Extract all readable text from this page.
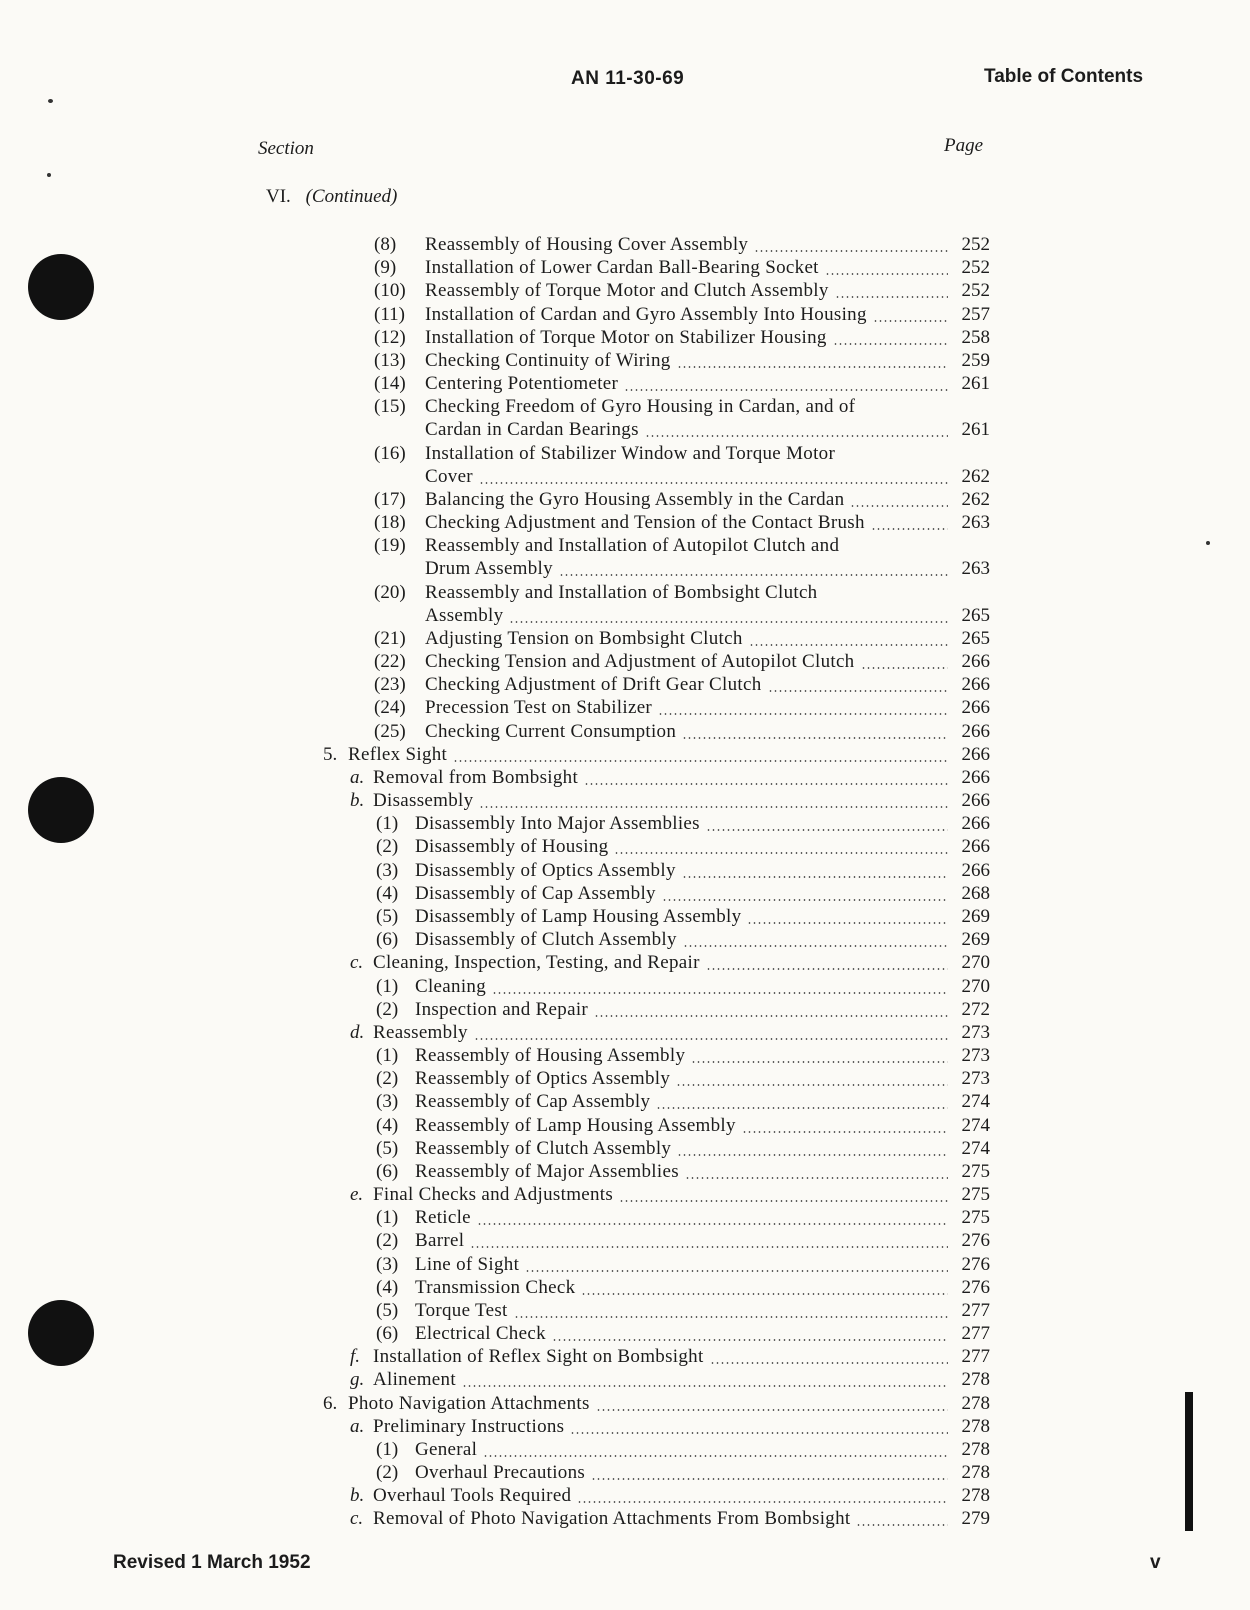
AN 11-30-69	Table of Contents
Section	Page
VI. (Continued)
(8) Reassembly of Housing Cover Assembly	252
(9) Installation of Lower Cardan Ball-Bearing Socket	252
(10) Reassembly of Torque Motor and Clutch Assembly	252
(11) Installation of Cardan and Gyro Assembly Into Housing	257
(12) Installation of Torque Motor on Stabilizer Housing	258
(13) Checking Continuity of Wiring	259
(14) Centering Potentiometer	261
(15) Checking Freedom of Gyro Housing in Cardan, and of
Cardan in Cardan Bearings	261
(16) Installation of Stabilizer Window and Torque Motor
Cover	262
(17) Balancing the Gyro Housing Assembly in the Cardan	262
(18) Checking Adjustment and Tension of the Contact Brush	263
(19) Reassembly and Installation of Autopilot Clutch and
Drum Assembly	263
(20) Reassembly and Installation of Bombsight Clutch
Assembly	265
(21) Adjusting Tension on Bombsight Clutch	265
(22) Checking Tension and Adjustment of Autopilot Clutch	266
(23) Checking Adjustment of Drift Gear Clutch	266
(24) Precession Test on Stabilizer	266
(25) Checking Current Consumption	266
5. Reflex Sight	266
a. Removal from Bombsight	266
b. Disassembly	266
(1) Disassembly Into Major Assemblies	266
(2) Disassembly of Housing	266
(3) Disassembly of Optics Assembly	266
(4) Disassembly of Cap Assembly	268
(5) Disassembly of Lamp Housing Assembly	269
(6) Disassembly of Clutch Assembly	269
c. Cleaning, Inspection, Testing, and Repair	270
(1) Cleaning	270
(2) Inspection and Repair	272
d. Reassembly	273
(1) Reassembly of Housing Assembly	273
(2) Reassembly of Optics Assembly	273
(3) Reassembly of Cap Assembly	274
(4) Reassembly of Lamp Housing Assembly	274
(5) Reassembly of Clutch Assembly	274
(6) Reassembly of Major Assemblies	275
e. Final Checks and Adjustments	275
(1) Reticle	275
(2) Barrel	276
(3) Line of Sight	276
(4) Transmission Check	276
(5) Torque Test	277
(6) Electrical Check	277
f. Installation of Reflex Sight on Bombsight	277
g. Alinement	278
6. Photo Navigation Attachments	278
a. Preliminary Instructions	278
(1) General	278
(2) Overhaul Precautions	278
b. Overhaul Tools Required	278
c. Removal of Photo Navigation Attachments From Bombsight	279
Revised 1 March 1952	v
